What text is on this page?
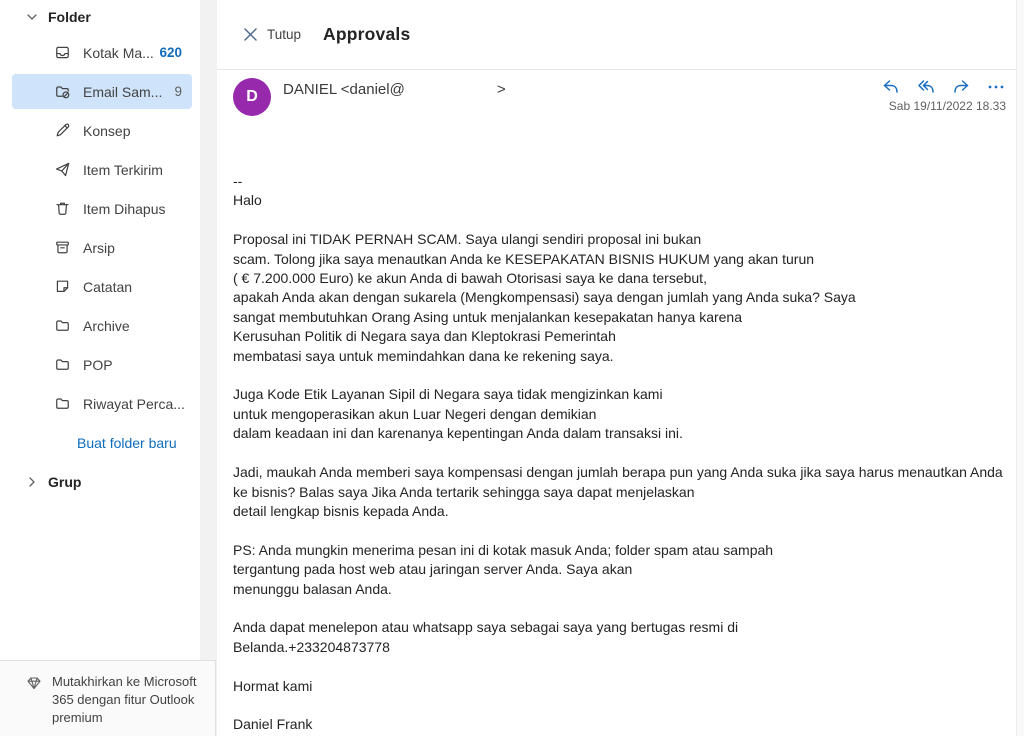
Folder
Kotak Ma... 620
Email Sam... 9
Konsep
Item Terkirim
Item Dihapus
Arsip
Catatan
Archive
POP
Riwayat Perca...
Buat folder baru
Grup
Mutakhirkan ke Microsoft 365 dengan fitur Outlook premium
Tutup Approvals
D	DANIEL <daniel@	>
Sab 19/11/2022 18.33
--
Halo
Proposal ini TIDAK PERNAH SCAM. Saya ulangi sendiri proposal ini bukan
scam. Tolong jika saya menautkan Anda ke KESEPAKATAN BISNIS HUKUM yang akan turun
( € 7.200.000 Euro) ke akun Anda di bawah Otorisasi saya ke dana tersebut,
apakah Anda akan dengan sukarela (Mengkompensasi) saya dengan jumlah yang Anda suka? Saya
sangat membutuhkan Orang Asing untuk menjalankan kesepakatan hanya karena
Kerusuhan Politik di Negara saya dan Kleptokrasi Pemerintah
membatasi saya untuk memindahkan dana ke rekening saya.
Juga Kode Etik Layanan Sipil di Negara saya tidak mengizinkan kami
untuk mengoperasikan akun Luar Negeri dengan demikian
dalam keadaan ini dan karenanya kepentingan Anda dalam transaksi ini.
Jadi, maukah Anda memberi saya kompensasi dengan jumlah berapa pun yang Anda suka jika saya harus menautkan Anda
ke bisnis? Balas saya Jika Anda tertarik sehingga saya dapat menjelaskan
detail lengkap bisnis kepada Anda.
PS: Anda mungkin menerima pesan ini di kotak masuk Anda; folder spam atau sampah
tergantung pada host web atau jaringan server Anda. Saya akan
menunggu balasan Anda.
Anda dapat menelepon atau whatsapp saya sebagai saya yang bertugas resmi di
Belanda.+233204873778
Hormat kami
Daniel Frank
